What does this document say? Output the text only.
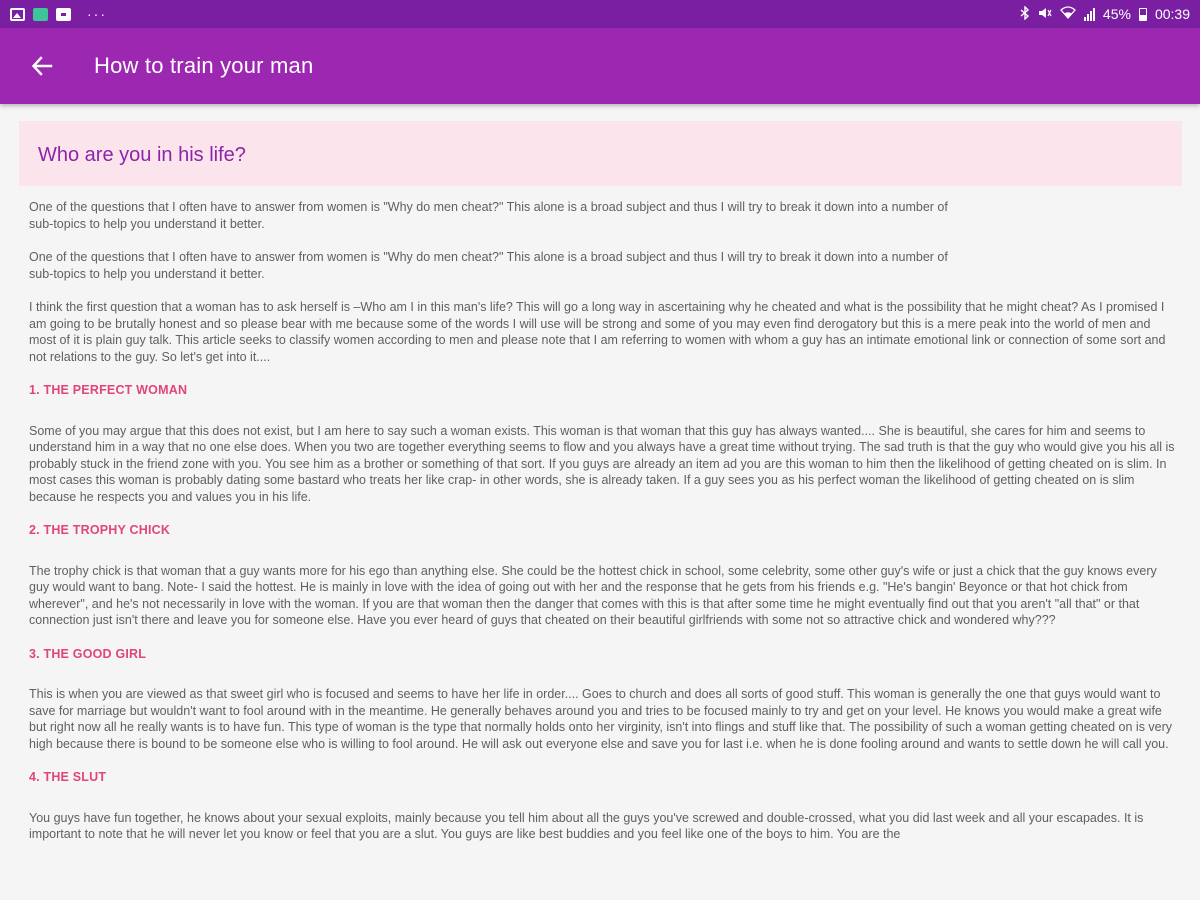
···	45% 00:39
How to train your man
Who are you in his life?

One of the questions that I often have to answer from women is "Why do men cheat?" This alone is a broad subject and thus I will try to break it down into a number of sub-topics to help you understand it better.

One of the questions that I often have to answer from women is "Why do men cheat?" This alone is a broad subject and thus I will try to break it down into a number of sub-topics to help you understand it better.

I think the first question that a woman has to ask herself is –Who am I in this man's life? This will go a long way in ascertaining why he cheated and what is the possibility that he might cheat? As I promised I am going to be brutally honest and so please bear with me because some of the words I will use will be strong and some of you may even find derogatory but this is a mere peak into the world of men and most of it is plain guy talk. This article seeks to classify women according to men and please note that I am referring to women with whom a guy has an intimate emotional link or connection of some sort and not relations to the guy. So let's get into it....

1. THE PERFECT WOMAN

Some of you may argue that this does not exist, but I am here to say such a woman exists. This woman is that woman that this guy has always wanted.... She is beautiful, she cares for him and seems to understand him in a way that no one else does. When you two are together everything seems to flow and you always have a great time without trying. The sad truth is that the guy who would give you his all is probably stuck in the friend zone with you. You see him as a brother or something of that sort. If you guys are already an item ad you are this woman to him then the likelihood of getting cheated on is slim. In most cases this woman is probably dating some bastard who treats her like crap- in other words, she is already taken. If a guy sees you as his perfect woman the likelihood of getting cheated on is slim because he respects you and values you in his life.

2. THE TROPHY CHICK

The trophy chick is that woman that a guy wants more for his ego than anything else. She could be the hottest chick in school, some celebrity, some other guy's wife or just a chick that the guy knows every guy would want to bang. Note- I said the hottest. He is mainly in love with the idea of going out with her and the response that he gets from his friends e.g. "He's bangin' Beyonce or that hot chick from wherever", and he's not necessarily in love with the woman. If you are that woman then the danger that comes with this is that after some time he might eventually find out that you aren't "all that" or that connection just isn't there and leave you for someone else. Have you ever heard of guys that cheated on their beautiful girlfriends with some not so attractive chick and wondered why???

3. THE GOOD GIRL

This is when you are viewed as that sweet girl who is focused and seems to have her life in order.... Goes to church and does all sorts of good stuff. This woman is generally the one that guys would want to save for marriage but wouldn't want to fool around with in the meantime. He generally behaves around you and tries to be focused mainly to try and get on your level. He knows you would make a great wife but right now all he really wants is to have fun. This type of woman is the type that normally holds onto her virginity, isn't into flings and stuff like that. The possibility of such a woman getting cheated on is very high because there is bound to be someone else who is willing to fool around. He will ask out everyone else and save you for last i.e. when he is done fooling around and wants to settle down he will call you.

4. THE SLUT

You guys have fun together, he knows about your sexual exploits, mainly because you tell him about all the guys you've screwed and double-crossed, what you did last week and all your escapades. It is important to note that he will never let you know or feel that you are a slut. You guys are like best buddies and you feel like one of the boys to him. You are the
